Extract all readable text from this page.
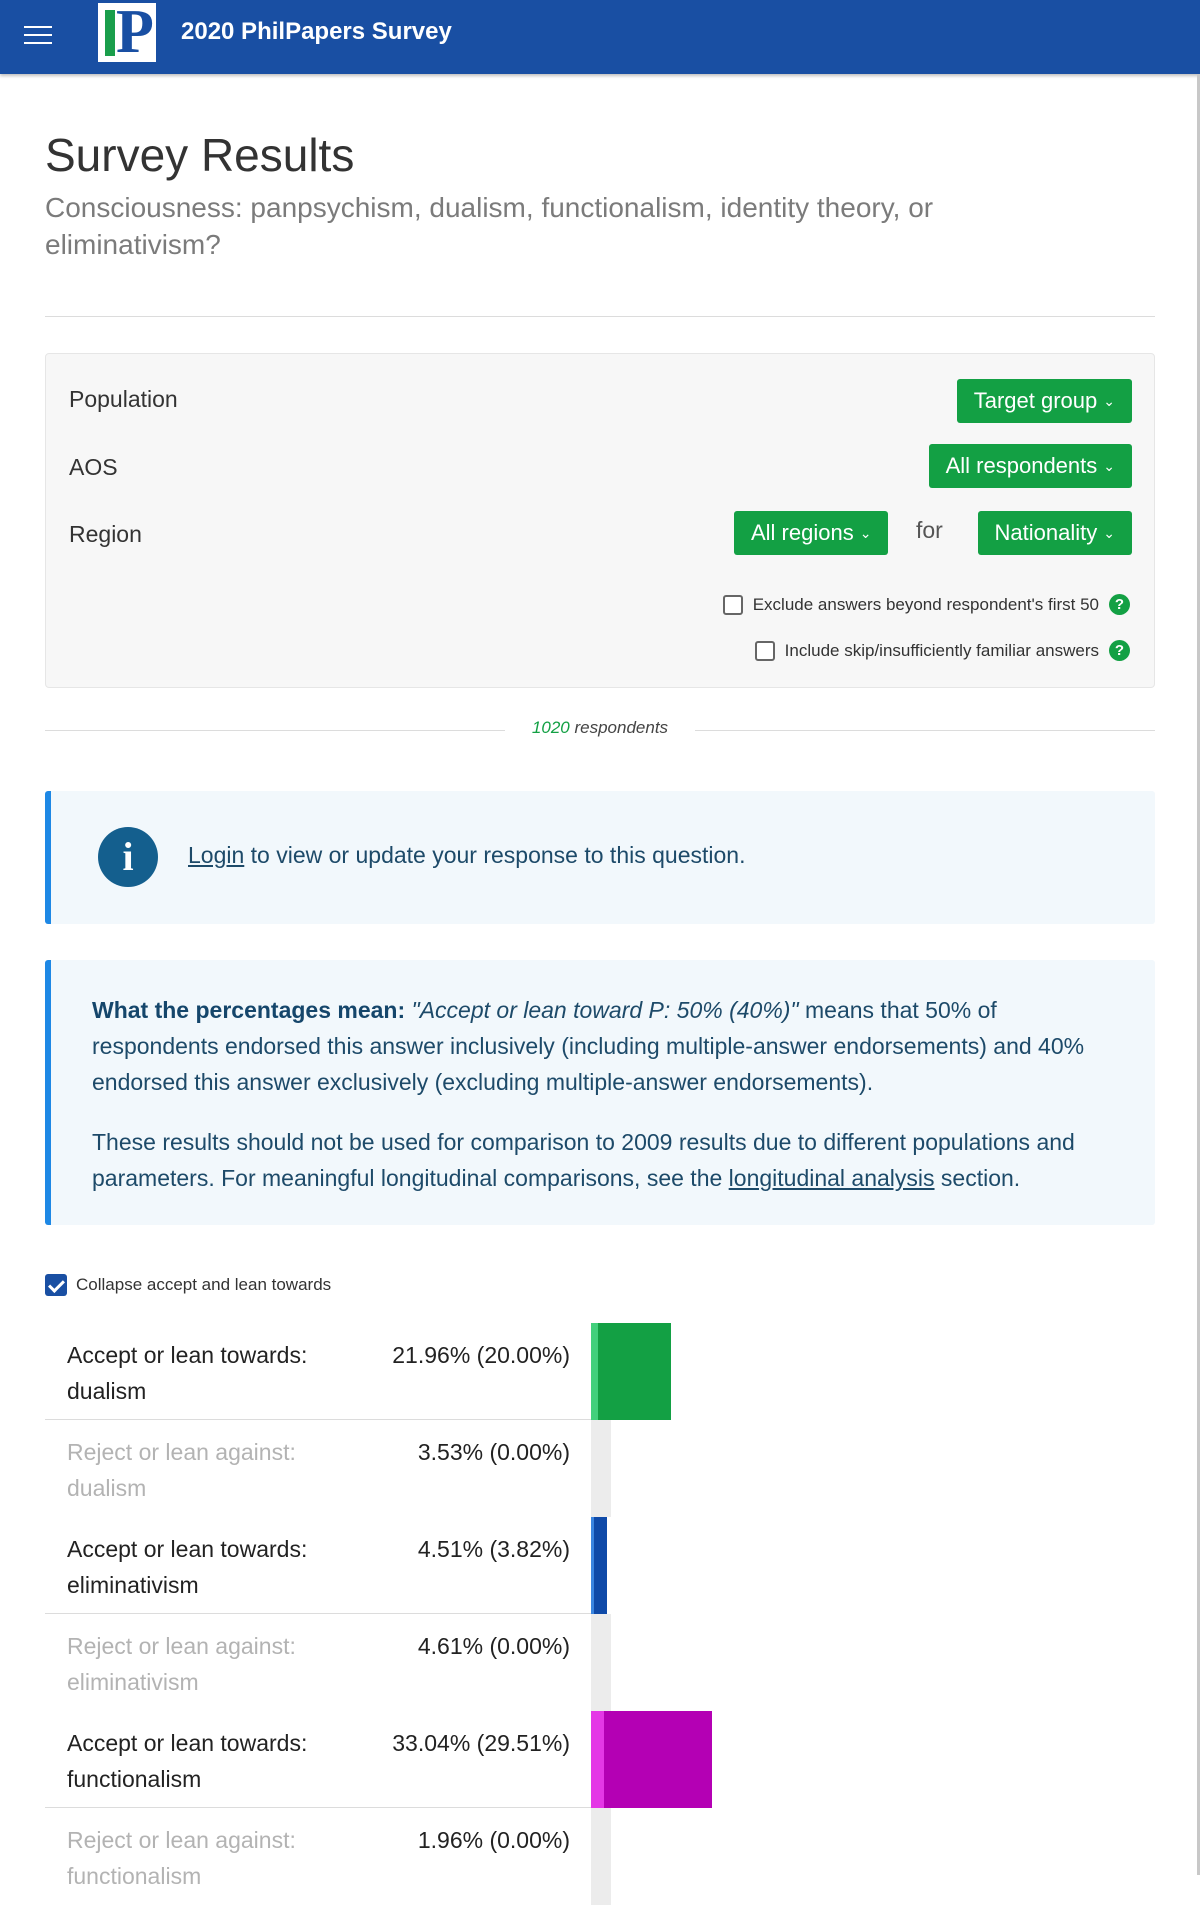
P 2020 PhilPapers Survey
Survey Results
Consciousness: panpsychism, dualism, functionalism, identity theory, or eliminativism?
Population	Target group ⌄
AOS	All respondents ⌄
Region	All regions ⌄	for	Nationality ⌄
Exclude answers beyond respondent's first 50	?
Include skip/insufficiently familiar answers	?
1020 respondents
i	Login to view or update your response to this question.

What the percentages mean: "Accept or lean toward P: 50% (40%)" means that 50% of respondents endorsed this answer inclusively (including multiple-answer endorsements) and 40% endorsed this answer exclusively (excluding multiple-answer endorsements).

These results should not be used for comparison to 2009 results due to different populations and parameters. For meaningful longitudinal comparisons, see the longitudinal analysis section.

Collapse accept and lean towards
Accept or lean towards: dualism
21.96% (20.00%)
Reject or lean against: dualism
3.53% (0.00%)
Accept or lean towards: eliminativism
4.51% (3.82%)
Reject or lean against: eliminativism
4.61% (0.00%)
Accept or lean towards: functionalism
33.04% (29.51%)
Reject or lean against: functionalism
1.96% (0.00%)
